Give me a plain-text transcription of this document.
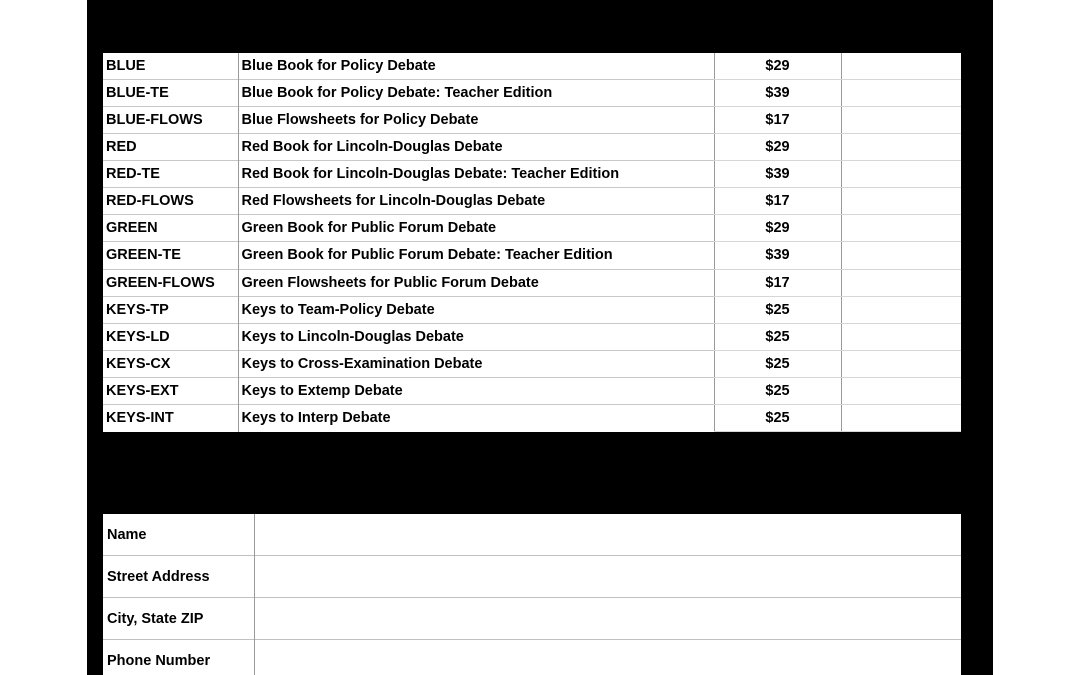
BLUE	Blue Book for Policy Debate	$29	
BLUE-TE	Blue Book for Policy Debate: Teacher Edition	$39	
BLUE-FLOWS	Blue Flowsheets for Policy Debate	$17	
RED	Red Book for Lincoln-Douglas Debate	$29	
RED-TE	Red Book for Lincoln-Douglas Debate: Teacher Edition	$39	
RED-FLOWS	Red Flowsheets for Lincoln-Douglas Debate	$17	
GREEN	Green Book for Public Forum Debate	$29	
GREEN-TE	Green Book for Public Forum Debate: Teacher Edition	$39	
GREEN-FLOWS	Green Flowsheets for Public Forum Debate	$17	
KEYS-TP	Keys to Team-Policy Debate	$25	
KEYS-LD	Keys to Lincoln-Douglas Debate	$25	
KEYS-CX	Keys to Cross-Examination Debate	$25	
KEYS-EXT	Keys to Extemp Debate	$25	
KEYS-INT	Keys to Interp Debate	$25	
Name	
Street Address	
City, State ZIP	
Phone Number	
